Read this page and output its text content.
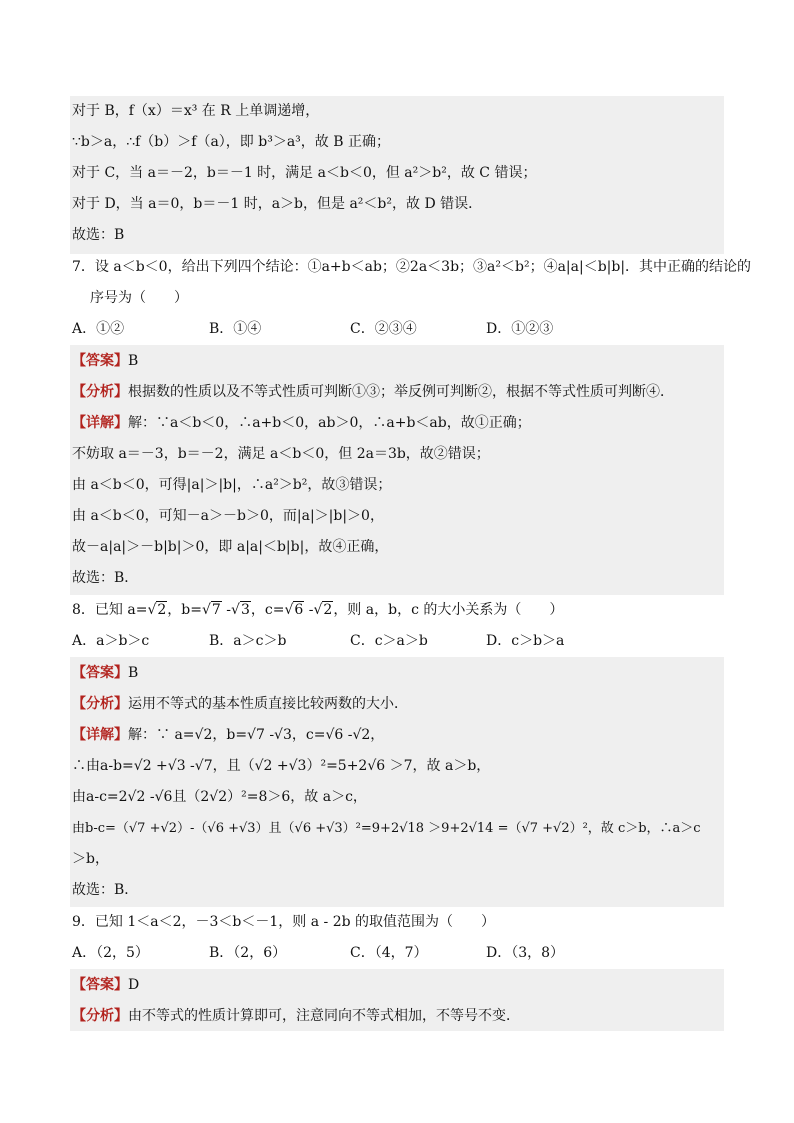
对于 B，f（x）＝x³ 在 R 上单调递增，
∵b＞a，∴f（b）＞f（a），即 b³＞a³，故 B 正确；
对于 C，当 a＝－2，b＝－1 时，满足 a＜b＜0，但 a²＞b²，故 C 错误；
对于 D，当 a＝0，b＝－1 时，a＞b，但是 a²＜b²，故 D 错误．
故选：B
7．设 a＜b＜0，给出下列四个结论：①a+b＜ab；②2a＜3b；③a²＜b²；④a|a|＜b|b|．其中正确的结论的
序号为（　　）
A．①②	B．①④	C．②③④	D．①②③
【答案】B
【分析】根据数的性质以及不等式性质可判断①③；举反例可判断②，根据不等式性质可判断④．
【详解】解：∵a＜b＜0，∴a+b＜0，ab＞0，∴a+b＜ab，故①正确；
不妨取 a＝－3，b＝－2，满足 a＜b＜0，但 2a＝3b，故②错误；
由 a＜b＜0，可得|a|＞|b|，∴a²＞b²，故③错误；
由 a＜b＜0，可知－a＞－b＞0，而|a|＞|b|＞0，
故－a|a|＞－b|b|＞0，即 a|a|＜b|b|，故④正确，
故选：B．
8．已知 a=√2，b=√7 -√3，c=√6 -√2，则 a，b，c 的大小关系为（　　）
A．a＞b＞c	B．a＞c＞b	C．c＞a＞b	D．c＞b＞a
【答案】B
【分析】运用不等式的基本性质直接比较两数的大小．
【详解】解：∵ a=√2，b=√7 -√3，c=√6 -√2，
∴由a-b=√2 +√3 -√7，且（√2 +√3）²=5+2√6 ＞7，故 a＞b，
由a-c=2√2 -√6且（2√2）²=8＞6，故 a＞c，
由b-c=（√7 +√2）-（√6 +√3）且（√6 +√3）²=9+2√18 ＞9+2√14 =（√7 +√2）²，故 c＞b，∴a＞c
＞b，
故选：B．
9．已知 1＜a＜2，－3＜b＜－1，则 a - 2b 的取值范围为（　　）
A．（2，5）	B．（2，6）	C．（4，7）	D．（3，8）
【答案】D
【分析】由不等式的性质计算即可，注意同向不等式相加，不等号不变．
